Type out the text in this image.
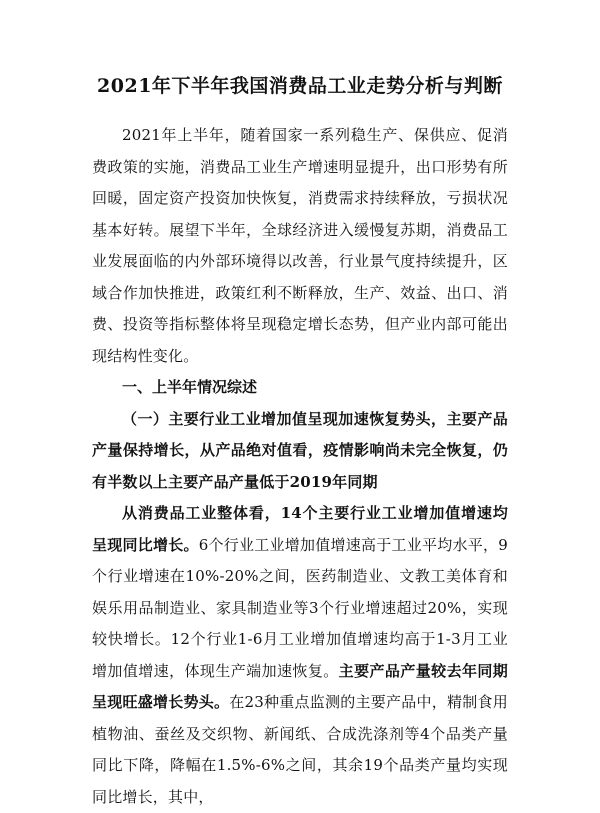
2021年下半年我国消费品工业走势分析与判断

2021年上半年，随着国家一系列稳生产、保供应、促消费政策的实施，消费品工业生产增速明显提升，出口形势有所回暖，固定资产投资加快恢复，消费需求持续释放，亏损状况基本好转。展望下半年，全球经济进入缓慢复苏期，消费品工业发展面临的内外部环境得以改善，行业景气度持续提升，区域合作加快推进，政策红利不断释放，生产、效益、出口、消费、投资等指标整体将呈现稳定增长态势，但产业内部可能出现结构性变化。

一、上半年情况综述

（一）主要行业工业增加值呈现加速恢复势头，主要产品产量保持增长，从产品绝对值看，疫情影响尚未完全恢复，仍有半数以上主要产品产量低于2019年同期

从消费品工业整体看，14个主要行业工业增加值增速均呈现同比增长。6个行业工业增加值增速高于工业平均水平，9个行业增速在10%-20%之间，医药制造业、文教工美体育和娱乐用品制造业、家具制造业等3个行业增速超过20%，实现较快增长。12个行业1-6月工业增加值增速均高于1-3月工业增加值增速，体现生产端加速恢复。主要产品产量较去年同期呈现旺盛增长势头。在23种重点监测的主要产品中，精制食用植物油、蚕丝及交织物、新闻纸、合成洗涤剂等4个品类产量同比下降，降幅在1.5%-6%之间，其余19个品类产量均实现同比增长，其中，
